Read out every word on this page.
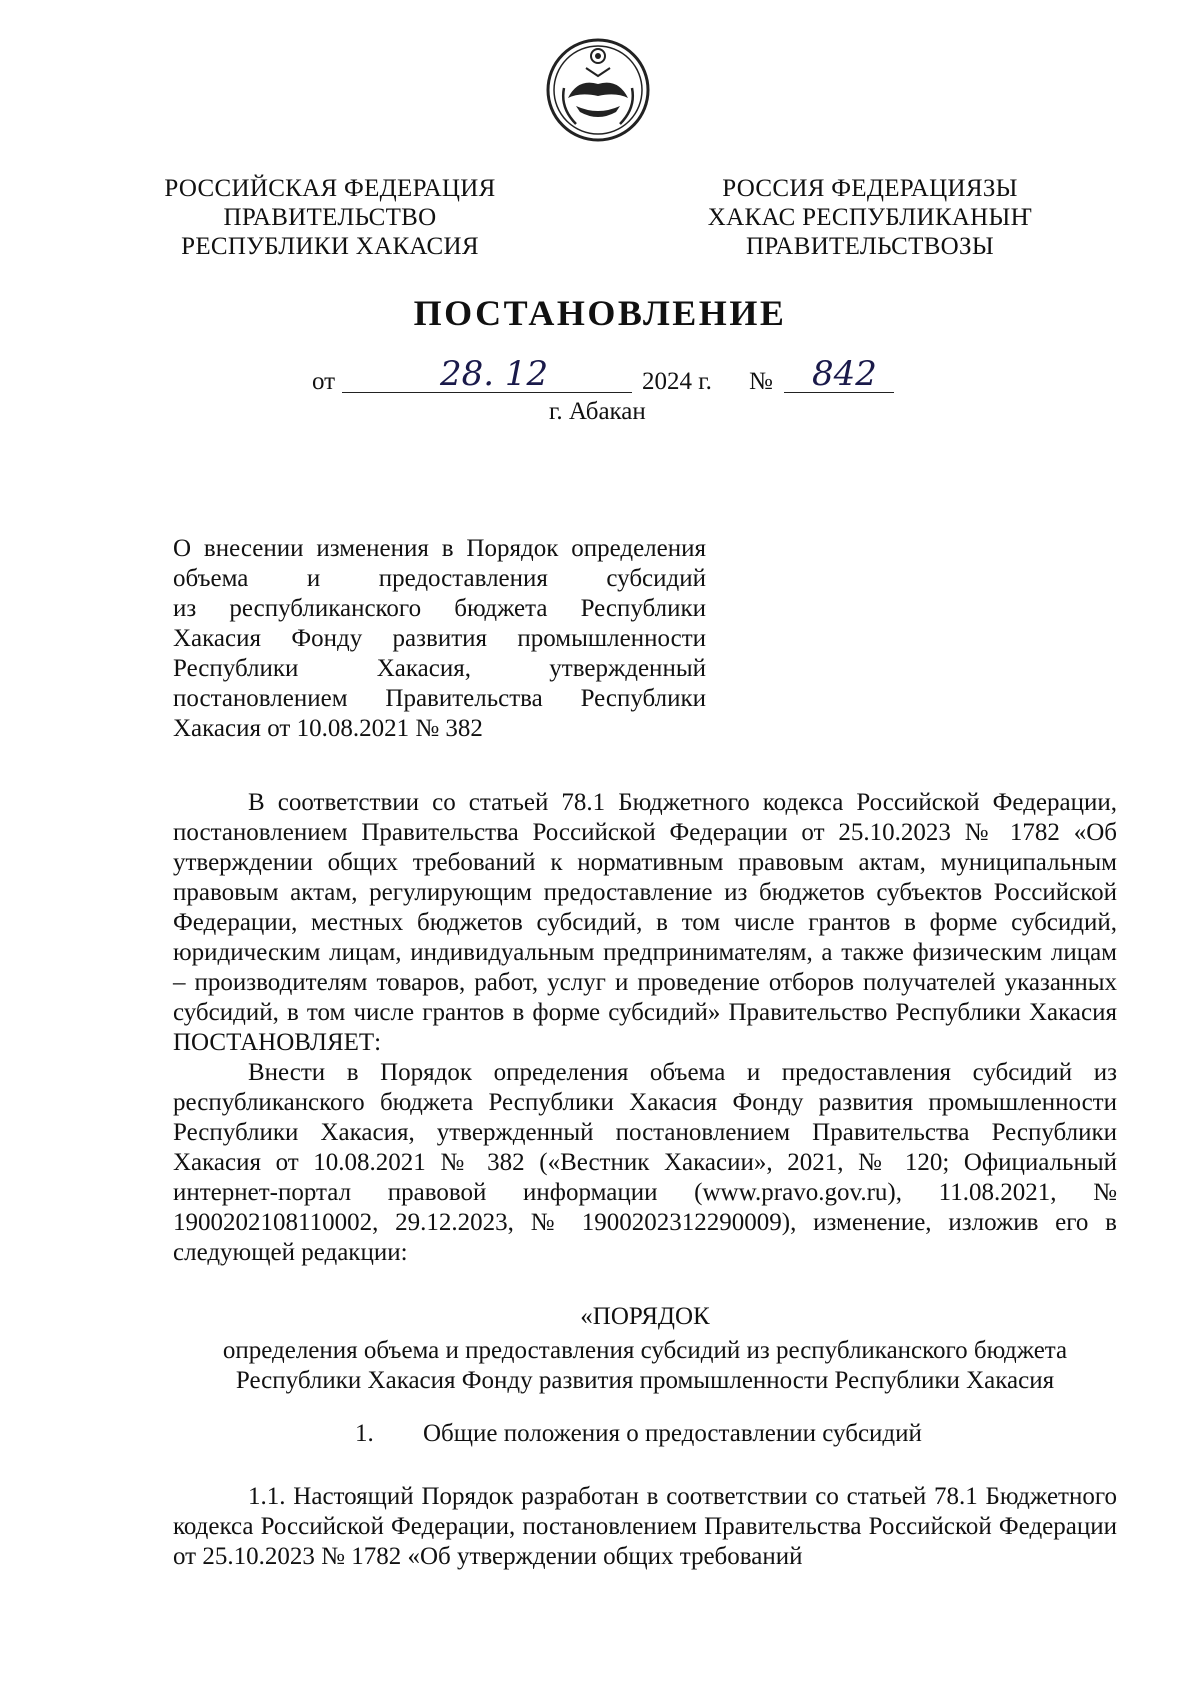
РОССИЙСКАЯ ФЕДЕРАЦИЯ
ПРАВИТЕЛЬСТВО
РЕСПУБЛИКИ ХАКАСИЯ
РОССИЯ ФЕДЕРАЦИЯЗЫ
ХАКАС РЕСПУБЛИКАНЫҤ
ПРАВИТЕЛЬСТВОЗЫ
ПОСТАНОВЛЕНИЕ
от	28. 12	2024 г. № 842
г. Абакан
О внесении изменения в Порядок определения
объема и предоставления субсидий
из республиканского бюджета Республики
Хакасия Фонду развития промышленности
Республики Хакасия, утвержденный
постановлением Правительства Республики
Хакасия от 10.08.2021 № 382

В соответствии со статьей 78.1 Бюджетного кодекса Российской Федерации, постановлением Правительства Российской Федерации от 25.10.2023 № 1782 «Об утверждении общих требований к нормативным правовым актам, муниципальным правовым актам, регулирующим предоставление из бюджетов субъектов Российской Федерации, местных бюджетов субсидий, в том числе грантов в форме субсидий, юридическим лицам, индивидуальным предпринимателям, а также физическим лицам – производителям товаров, работ, услуг и проведение отборов получателей указанных субсидий, в том числе грантов в форме субсидий» Правительство Республики Хакасия ПОСТАНОВЛЯЕТ:

Внести в Порядок определения объема и предоставления субсидий из республиканского бюджета Республики Хакасия Фонду развития промышленности Республики Хакасия, утвержденный постановлением Правительства Республики Хакасия от 10.08.2021 № 382 («Вестник Хакасии», 2021, № 120; Официальный интернет-портал правовой информации (www.pravo.gov.ru), 11.08.2021, № 1900202108110002, 29.12.2023, № 1900202312290009), изменение, изложив его в следующей редакции:

«ПОРЯДОК
определения объема и предоставления субсидий из республиканского бюджета
Республики Хакасия Фонду развития промышленности Республики Хакасия
1. Общие положения о предоставлении субсидий

1.1. Настоящий Порядок разработан в соответствии со статьей 78.1 Бюджетного кодекса Российской Федерации, постановлением Правительства Российской Федерации от 25.10.2023 № 1782 «Об утверждении общих требований
